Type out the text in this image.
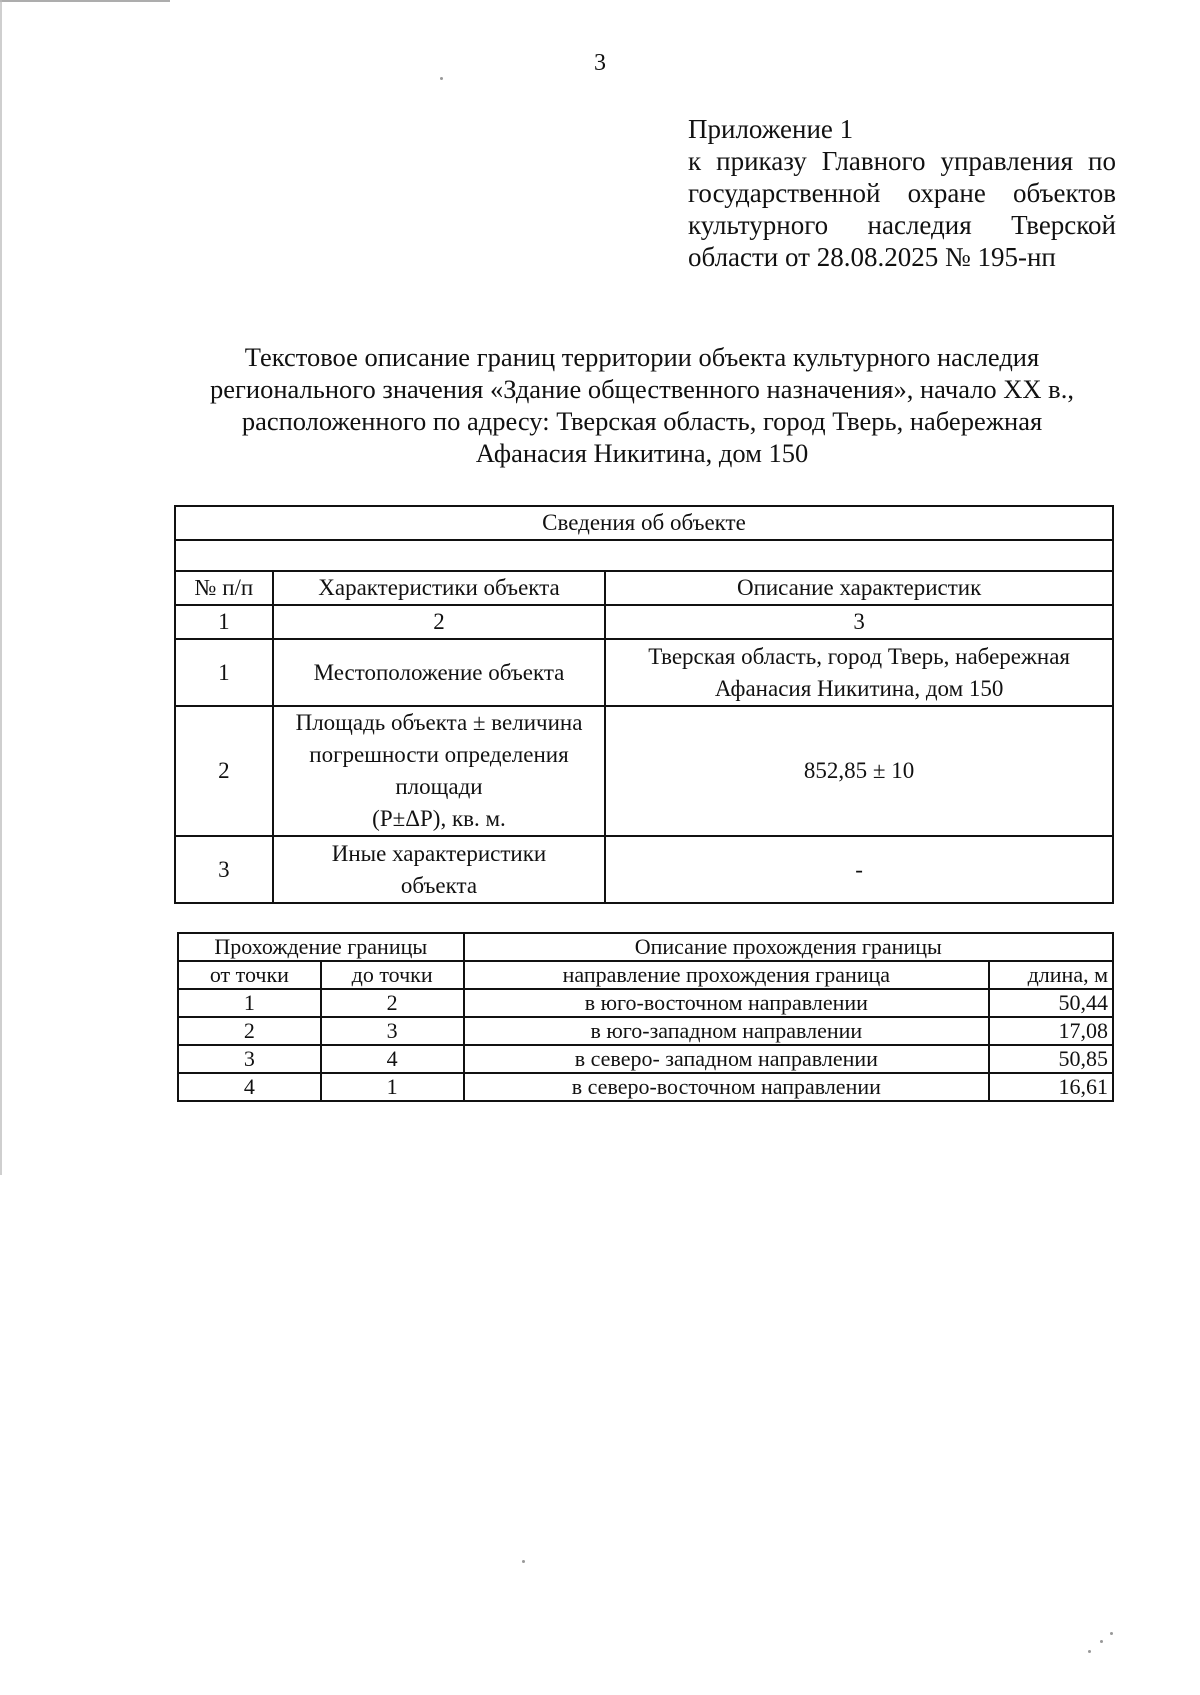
3
Приложение 1
к приказу Главного управления по
государственной охране объектов
культурного наследия Тверской
области от 28.08.2025 № 195-нп
Текстовое описание границ территории объекта культурного наследия
регионального значения «Здание общественного назначения», начало XX в.,
расположенного по адресу: Тверская область, город Тверь, набережная
Афанасия Никитина, дом 150
Сведения об объекте		

№ п/п	Характеристики объекта	Описание характеристик
1	2	3
1	Местоположение объекта	Тверская область, город Тверь, набережная
Афанасия Никитина, дом 150

2	Площадь объекта ± величина
погрешности определения
площади
(Р±ΔР), кв. м.	852,85 ± 10

3	Иные характеристики
объекта	-
Прохождение границы		Описание прохождения границы	
от точки	до точки	направление прохождения граница	длина, м
1	2	в юго-восточном направлении	50,44
2	3	в юго-западном направлении	17,08
3	4	в северо- западном направлении	50,85
4	1	в северо-восточном направлении	16,61
